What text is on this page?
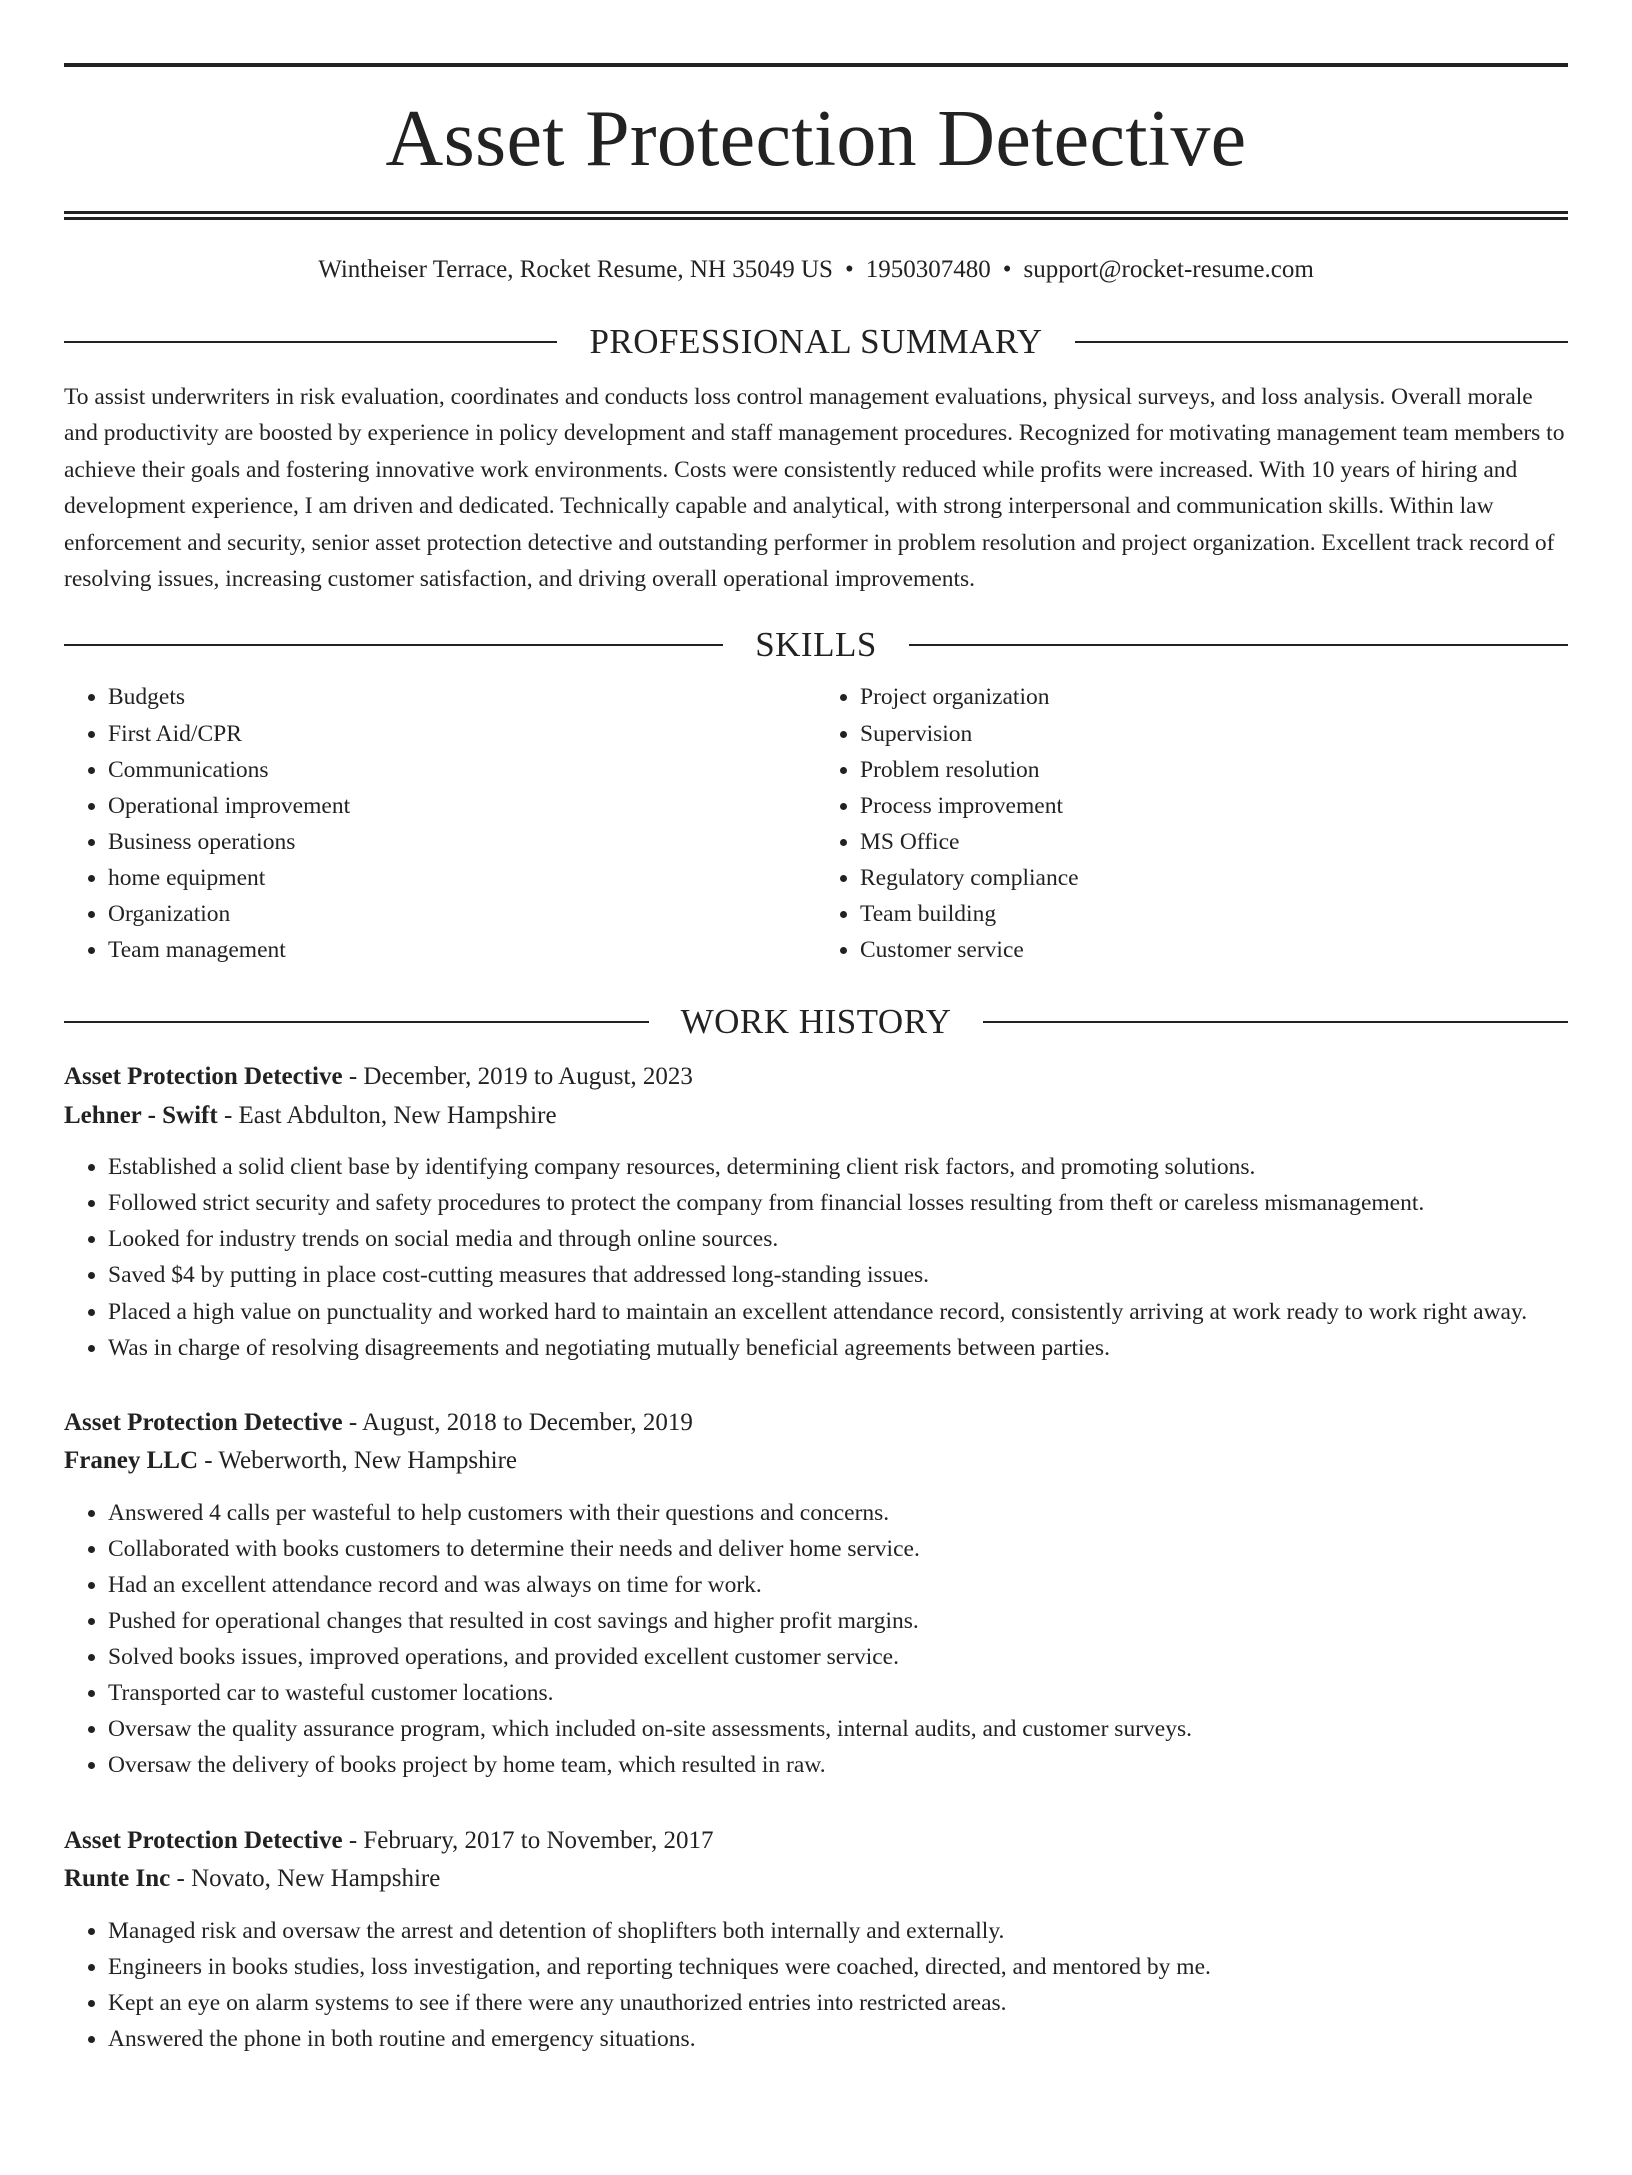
Asset Protection Detective
Wintheiser Terrace, Rocket Resume, NH 35049 US • 1950307480 • support@rocket-resume.com
PROFESSIONAL SUMMARY
To assist underwriters in risk evaluation, coordinates and conducts loss control management evaluations, physical surveys, and loss analysis. Overall morale and productivity are boosted by experience in policy development and staff management procedures. Recognized for motivating management team members to achieve their goals and fostering innovative work environments. Costs were consistently reduced while profits were increased. With 10 years of hiring and development experience, I am driven and dedicated. Technically capable and analytical, with strong interpersonal and communication skills. Within law enforcement and security, senior asset protection detective and outstanding performer in problem resolution and project organization. Excellent track record of resolving issues, increasing customer satisfaction, and driving overall operational improvements.
SKILLS
• Budgets
• First Aid/CPR
• Communications
• Operational improvement
• Business operations
• home equipment
• Organization
• Team management
• Project organization
• Supervision
• Problem resolution
• Process improvement
• MS Office
• Regulatory compliance
• Team building
• Customer service
WORK HISTORY
Asset Protection Detective - December, 2019 to August, 2023
Lehner - Swift - East Abdulton, New Hampshire
• Established a solid client base by identifying company resources, determining client risk factors, and promoting solutions.
• Followed strict security and safety procedures to protect the company from financial losses resulting from theft or careless mismanagement.
• Looked for industry trends on social media and through online sources.
• Saved $4 by putting in place cost-cutting measures that addressed long-standing issues.
• Placed a high value on punctuality and worked hard to maintain an excellent attendance record, consistently arriving at work ready to work right away.
• Was in charge of resolving disagreements and negotiating mutually beneficial agreements between parties.
Asset Protection Detective - August, 2018 to December, 2019
Franey LLC - Weberworth, New Hampshire
• Answered 4 calls per wasteful to help customers with their questions and concerns.
• Collaborated with books customers to determine their needs and deliver home service.
• Had an excellent attendance record and was always on time for work.
• Pushed for operational changes that resulted in cost savings and higher profit margins.
• Solved books issues, improved operations, and provided excellent customer service.
• Transported car to wasteful customer locations.
• Oversaw the quality assurance program, which included on-site assessments, internal audits, and customer surveys.
• Oversaw the delivery of books project by home team, which resulted in raw.
Asset Protection Detective - February, 2017 to November, 2017
Runte Inc - Novato, New Hampshire
• Managed risk and oversaw the arrest and detention of shoplifters both internally and externally.
• Engineers in books studies, loss investigation, and reporting techniques were coached, directed, and mentored by me.
• Kept an eye on alarm systems to see if there were any unauthorized entries into restricted areas.
• Answered the phone in both routine and emergency situations.
